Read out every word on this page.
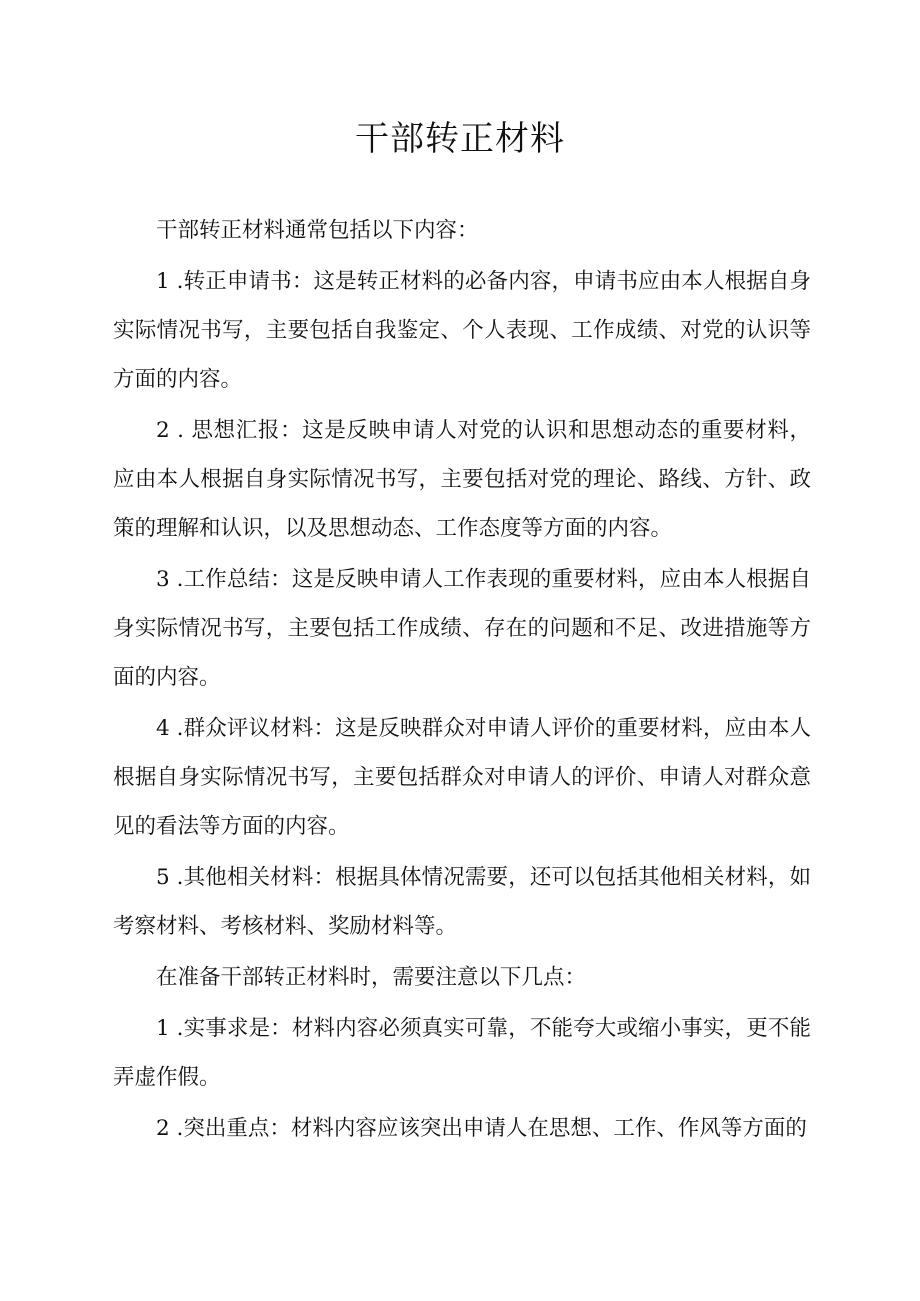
干部转正材料

干部转正材料通常包括以下内容：

1 .转正申请书：这是转正材料的必备内容，申请书应由本人根据自身实际情况书写，主要包括自我鉴定、个人表现、工作成绩、对党的认识等方面的内容。

2 . 思想汇报：这是反映申请人对党的认识和思想动态的重要材料，应由本人根据自身实际情况书写，主要包括对党的理论、路线、方针、政策的理解和认识，以及思想动态、工作态度等方面的内容。

3 .工作总结：这是反映申请人工作表现的重要材料，应由本人根据自身实际情况书写，主要包括工作成绩、存在的问题和不足、改进措施等方面的内容。

4 .群众评议材料：这是反映群众对申请人评价的重要材料，应由本人根据自身实际情况书写，主要包括群众对申请人的评价、申请人对群众意见的看法等方面的内容。

5 .其他相关材料：根据具体情况需要，还可以包括其他相关材料，如考察材料、考核材料、奖励材料等。

在准备干部转正材料时，需要注意以下几点：

1 .实事求是：材料内容必须真实可靠，不能夸大或缩小事实，更不能弄虚作假。

2 .突出重点：材料内容应该突出申请人在思想、工作、作风等方面的
